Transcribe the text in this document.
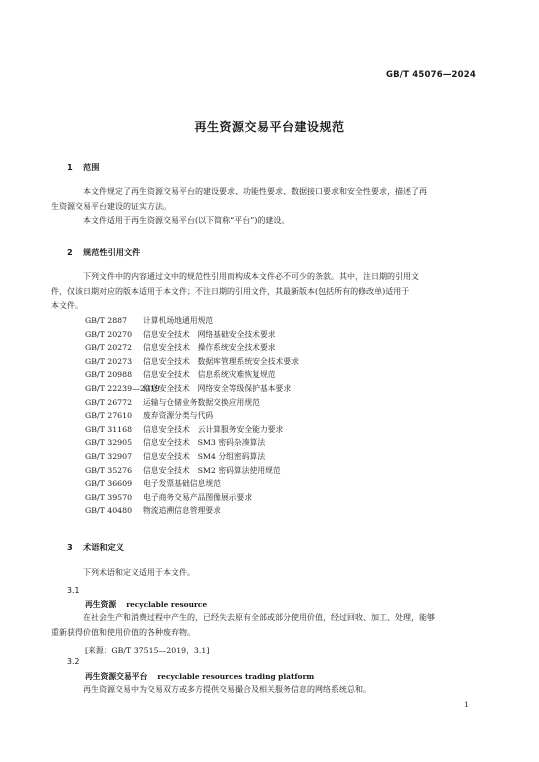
GB/T 45076—2024
再生资源交易平台建设规范
1 范围
本文件规定了再生资源交易平台的建设要求、功能性要求、数据接口要求和安全性要求，描述了再
生资源交易平台建设的证实方法。
本文件适用于再生资源交易平台(以下简称“平台”)的建设。
2 规范性引用文件
下列文件中的内容通过文中的规范性引用而构成本文件必不可少的条款。其中，注日期的引用文
件，仅该日期对应的版本适用于本文件；不注日期的引用文件，其最新版本(包括所有的修改单)适用于
本文件。
GB/T 2887 计算机场地通用规范
GB/T 20270 信息安全技术　网络基础安全技术要求
GB/T 20272 信息安全技术　操作系统安全技术要求
GB/T 20273 信息安全技术　数据库管理系统安全技术要求
GB/T 20988 信息安全技术　信息系统灾难恢复规范
GB/T 22239—2019信息安全技术　网络安全等级保护基本要求
GB/T 26772 运输与仓储业务数据交换应用规范
GB/T 27610 废弃资源分类与代码
GB/T 31168 信息安全技术　云计算服务安全能力要求
GB/T 32905 信息安全技术　SM3 密码杂凑算法
GB/T 32907 信息安全技术　SM4 分组密码算法
GB/T 35276 信息安全技术　SM2 密码算法使用规范
GB/T 36609 电子发票基础信息规范
GB/T 39570 电子商务交易产品图像展示要求
GB/T 40480 物流追溯信息管理要求
3 术语和定义
下列术语和定义适用于本文件。
3.1
再生资源 recyclable resource
在社会生产和消费过程中产生的，已经失去原有全部或部分使用价值，经过回收、加工、处理，能够
重新获得价值和使用价值的各种废弃物。
[来源：GB/T 37515—2019，3.1]
3.2
再生资源交易平台 recyclable resources trading platform
再生资源交易中为交易双方或多方提供交易撮合及相关服务信息的网络系统总和。
1
